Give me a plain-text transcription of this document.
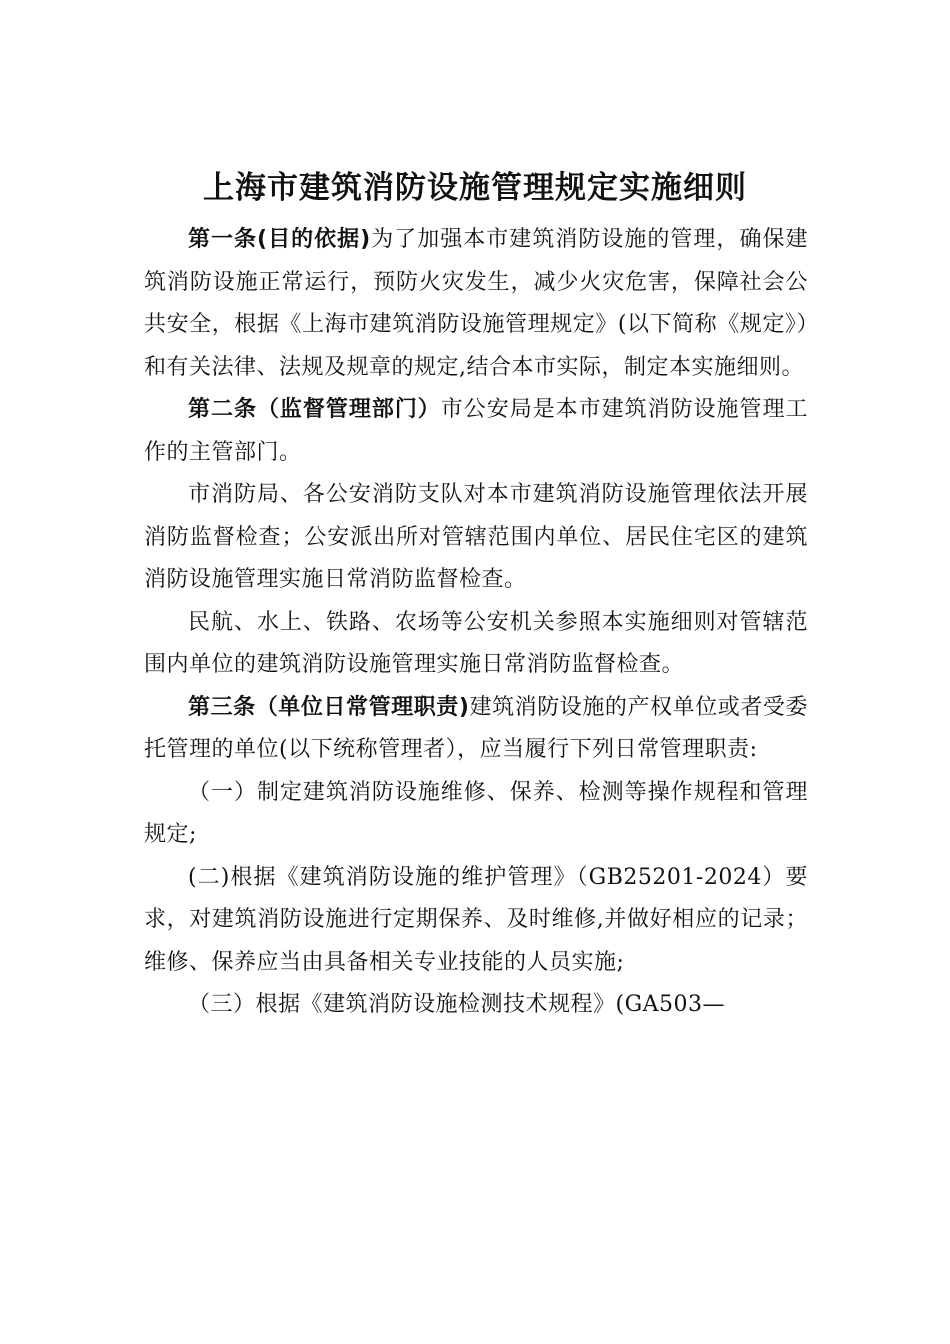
上海市建筑消防设施管理规定实施细则

第一条(目的依据)为了加强本市建筑消防设施的管理，确保建筑消防设施正常运行，预防火灾发生，减少火灾危害，保障社会公共安全，根据《上海市建筑消防设施管理规定》(以下简称《规定》）和有关法律、法规及规章的规定,结合本市实际，制定本实施细则。

第二条（监督管理部门）市公安局是本市建筑消防设施管理工作的主管部门。

市消防局、各公安消防支队对本市建筑消防设施管理依法开展消防监督检查；公安派出所对管辖范围内单位、居民住宅区的建筑消防设施管理实施日常消防监督检查。

民航、水上、铁路、农场等公安机关参照本实施细则对管辖范围内单位的建筑消防设施管理实施日常消防监督检查。

第三条（单位日常管理职责)建筑消防设施的产权单位或者受委托管理的单位(以下统称管理者），应当履行下列日常管理职责:

（一）制定建筑消防设施维修、保养、检测等操作规程和管理规定;

(二)根据《建筑消防设施的维护管理》（GB25201-2024）要求，对建筑消防设施进行定期保养、及时维修,并做好相应的记录；维修、保养应当由具备相关专业技能的人员实施;

（三）根据《建筑消防设施检测技术规程》(GA503—
